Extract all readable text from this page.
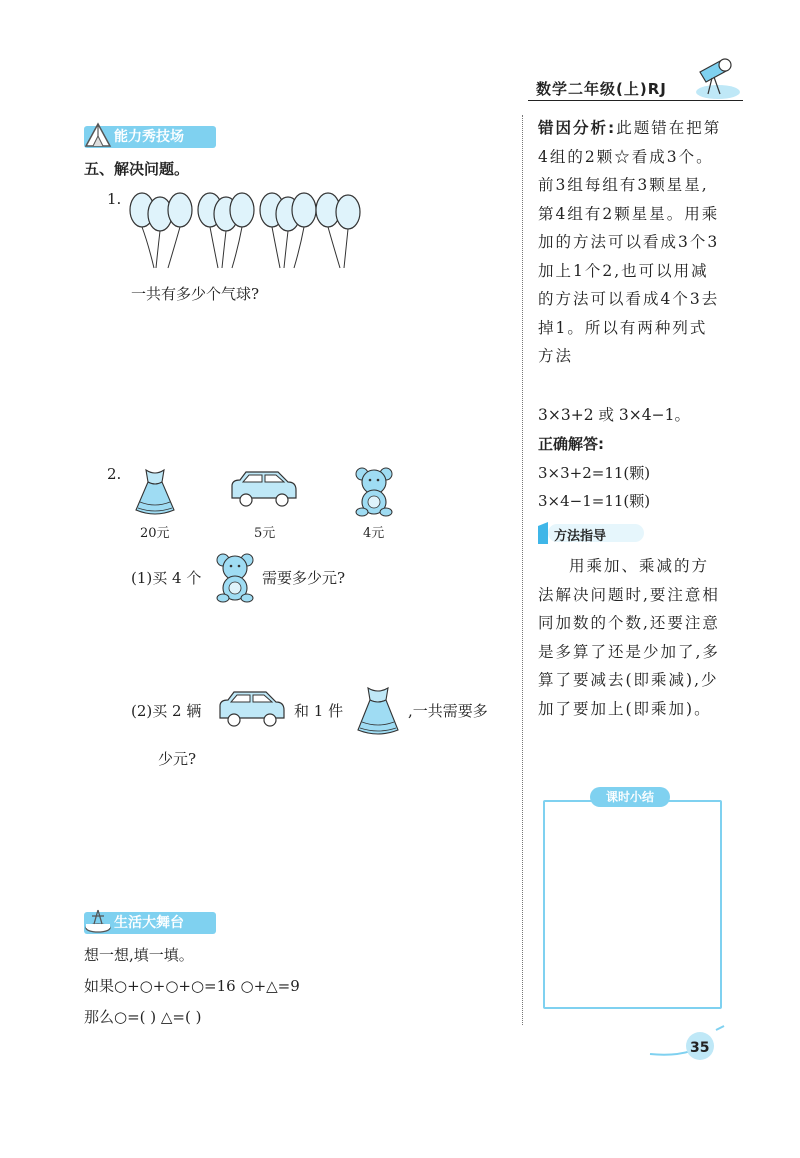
数学二年级(上)RJ
能力秀技场
五、解决问题。
1.
一共有多少个气球?
2.
20元	5元	4元
(1)买 4 个	需要多少元?
(2)买 2 辆	和 1 件	,一共需要多
少元?
生活大舞台
想一想,填一填。
如果○+○+○+○=16 ○+△=9
那么○=( ) △=( )
错因分析:此题错在把第4组的2颗☆看成3个。前3组每组有3颗星星,第4组有2颗星星。用乘加的方法可以看成3个3加上1个2,也可以用减的方法可以看成4个3去掉1。所以有两种列式方法
3×3+2 或 3×4−1。
正确解答:
3×3+2=11(颗)
3×4−1=11(颗)
方法指导
用乘加、乘减的方法解决问题时,要注意相同加数的个数,还要注意是多算了还是少加了,多算了要减去(即乘减),少加了要加上(即乘加)。
课时小结
35
